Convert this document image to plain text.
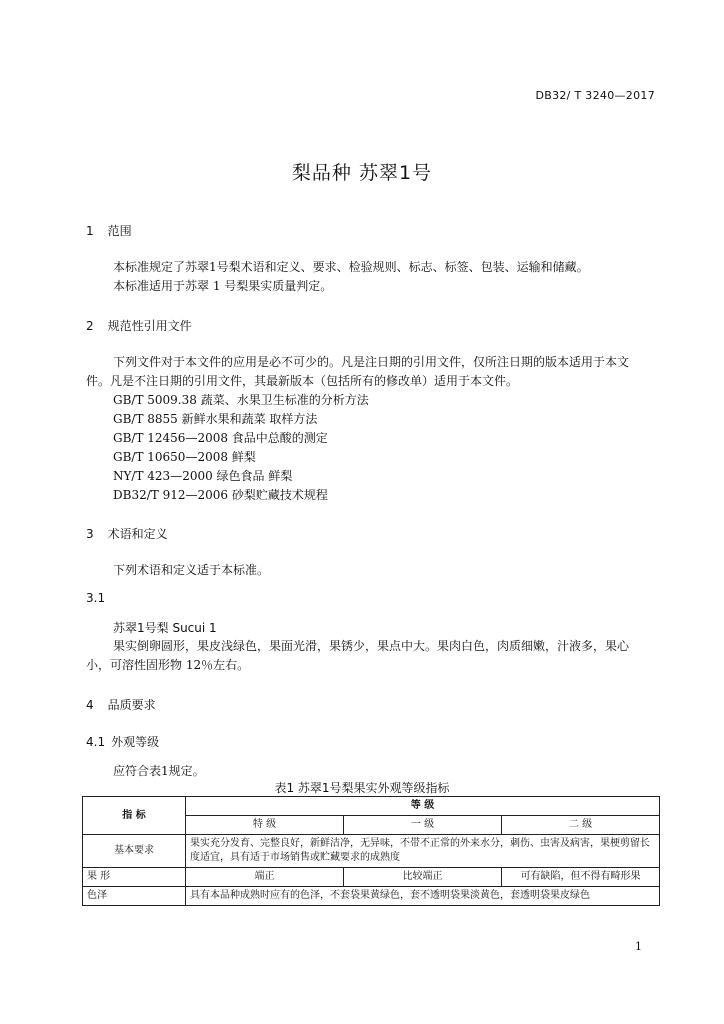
DB32/ T 3240—2017
梨品种 苏翠1号
1 范围
本标准规定了苏翠1号梨术语和定义、要求、检验规则、标志、标签、包装、运输和储藏。
本标准适用于苏翠 1 号梨果实质量判定。
2 规范性引用文件
下列文件对于本文件的应用是必不可少的。凡是注日期的引用文件，仅所注日期的版本适用于本文
件。凡是不注日期的引用文件，其最新版本（包括所有的修改单）适用于本文件。
GB/T 5009.38 蔬菜、水果卫生标准的分析方法
GB/T 8855 新鲜水果和蔬菜 取样方法
GB/T 12456—2008 食品中总酸的测定
GB/T 10650—2008 鲜梨
NY/T 423—2000 绿色食品 鲜梨
DB32/T 912—2006 砂梨贮藏技术规程
3 术语和定义
下列术语和定义适于本标准。
3.1
苏翠1号梨 Sucui 1
果实倒卵圆形，果皮浅绿色，果面光滑，果锈少，果点中大。果肉白色，肉质细嫩，汁液多，果心
小，可溶性固形物 12％左右。
4 品质要求
4.1 外观等级
应符合表1规定。
表1 苏翠1号梨果实外观等级指标
指 标	等 级		
	特 级	一 级	二 级
基本要求	果实充分发育、完整良好，新鲜洁净，无异味，不带不正常的外来水分，刺伤、虫害及病害，果梗剪留长度适宜，具有适于市场销售或贮藏要求的成熟度		
果 形	端正	比较端正	可有缺陷，但不得有畸形果
色泽	具有本品种成熟时应有的色泽，不套袋果黄绿色，套不透明袋果淡黄色，套透明袋果皮绿色		
1
